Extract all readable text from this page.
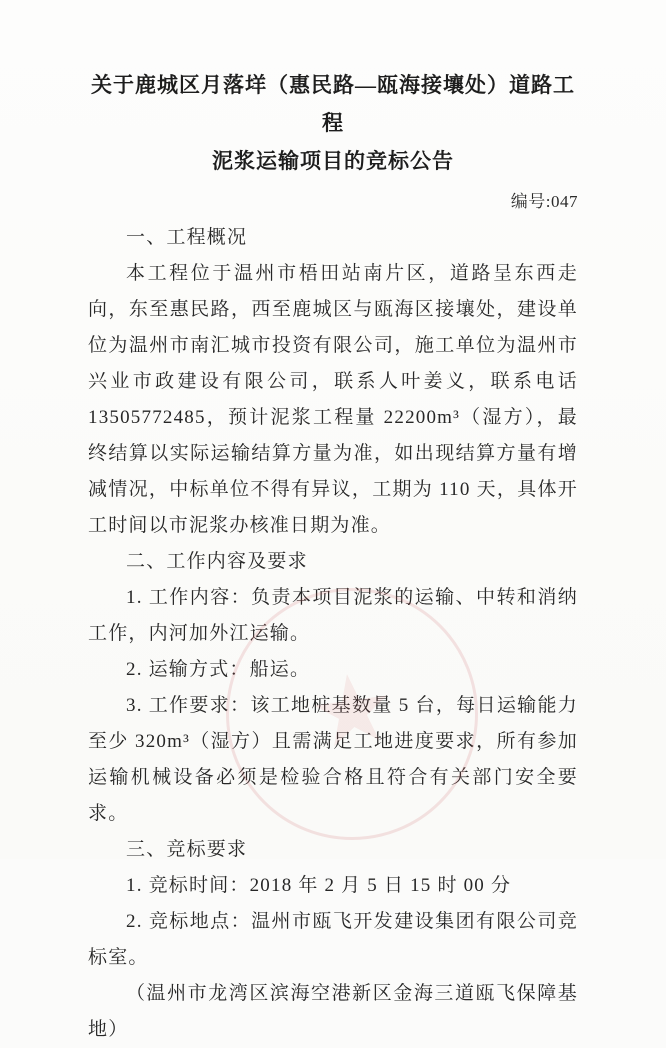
★
关于鹿城区月落垟（惠民路—瓯海接壤处）道路工程
泥浆运输项目的竞标公告
编号:047
一、工程概况

本工程位于温州市梧田站南片区，道路呈东西走向，东至惠民路，西至鹿城区与瓯海区接壤处，建设单位为温州市南汇城市投资有限公司，施工单位为温州市兴业市政建设有限公司，联系人叶姜义，联系电话 13505772485，预计泥浆工程量 22200m³（湿方），最终结算以实际运输结算方量为准，如出现结算方量有增减情况，中标单位不得有异议，工期为 110 天，具体开工时间以市泥浆办核准日期为准。

二、工作内容及要求

1. 工作内容：负责本项目泥浆的运输、中转和消纳工作，内河加外江运输。

2. 运输方式：船运。

3. 工作要求：该工地桩基数量 5 台，每日运输能力至少 320m³（湿方）且需满足工地进度要求，所有参加运输机械设备必须是检验合格且符合有关部门安全要求。

三、竞标要求

1. 竞标时间：2018 年 2 月 5 日 15 时 00 分

2. 竞标地点：温州市瓯飞开发建设集团有限公司竞标室。

（温州市龙湾区滨海空港新区金海三道瓯飞保障基地）
